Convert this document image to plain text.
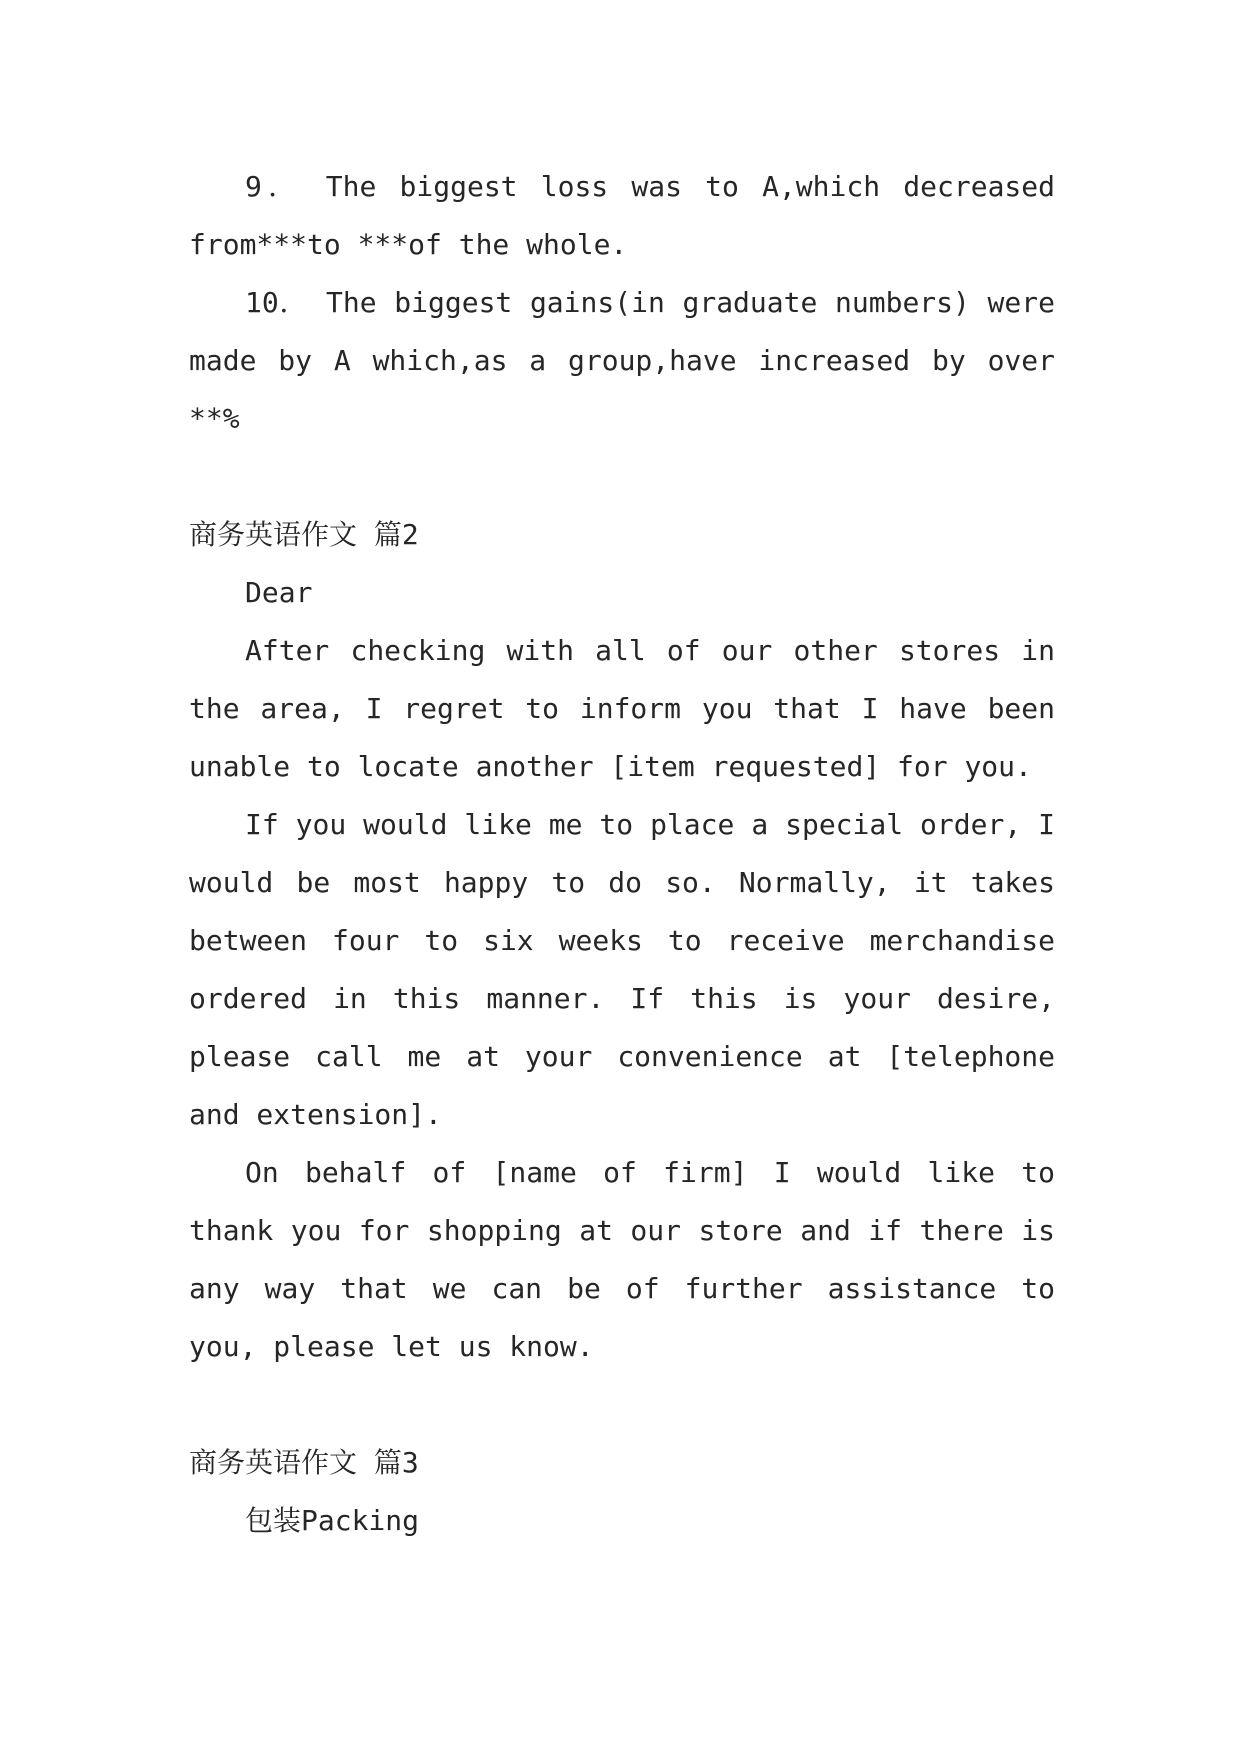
9． The biggest loss was to A,which decreased from***to ***of the whole.

10． The biggest gains(in graduate numbers) were made by A which,as a group,have increased by over **%

商务英语作文 篇2

Dear

After checking with all of our other stores in the area, I regret to inform you that I have been unable to locate another [item requested] for you.

If you would like me to place a special order, I would be most happy to do so. Normally, it takes between four to six weeks to receive merchandise ordered in this manner. If this is your desire, please call me at your convenience at [telephone and extension].

On behalf of [name of firm] I would like to thank you for shopping at our store and if there is any way that we can be of further assistance to you, please let us know.

商务英语作文 篇3

包装Packing
